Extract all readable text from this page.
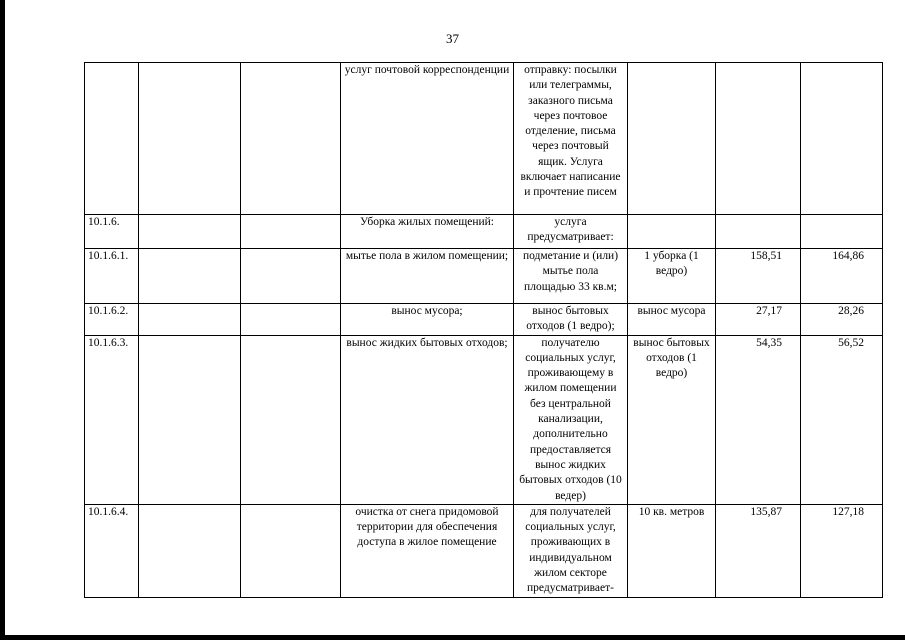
37
			услуг почтовой корреспонденции	отправку: посылки или телеграммы, заказного письма через почтовое отделение, письма через почтовый ящик. Услуга включает написание и прочтение писем			
10.1.6.			Уборка жилых помещений:	услуга предусматривает:			
10.1.6.1.			мытье пола в жилом помещении;	подметание и (или) мытье пола площадью 33 кв.м;	1 уборка (1 ведро)	158,51	164,86
10.1.6.2.			вынос мусора;	вынос бытовых отходов (1 ведро);	вынос мусора	27,17	28,26
10.1.6.3.			вынос жидких бытовых отходов;	получателю социальных услуг, проживающему в жилом помещении без центральной канализации, дополнительно предоставляется вынос жидких бытовых отходов (10 ведер)	вынос бытовых отходов (1 ведро)	54,35	56,52
10.1.6.4.			очистка от снега придомовой территории для обеспечения доступа в жилое помещение	для получателей социальных услуг, проживающих в индивидуальном жилом секторе предусматривает-	10 кв. метров	135,87	127,18
